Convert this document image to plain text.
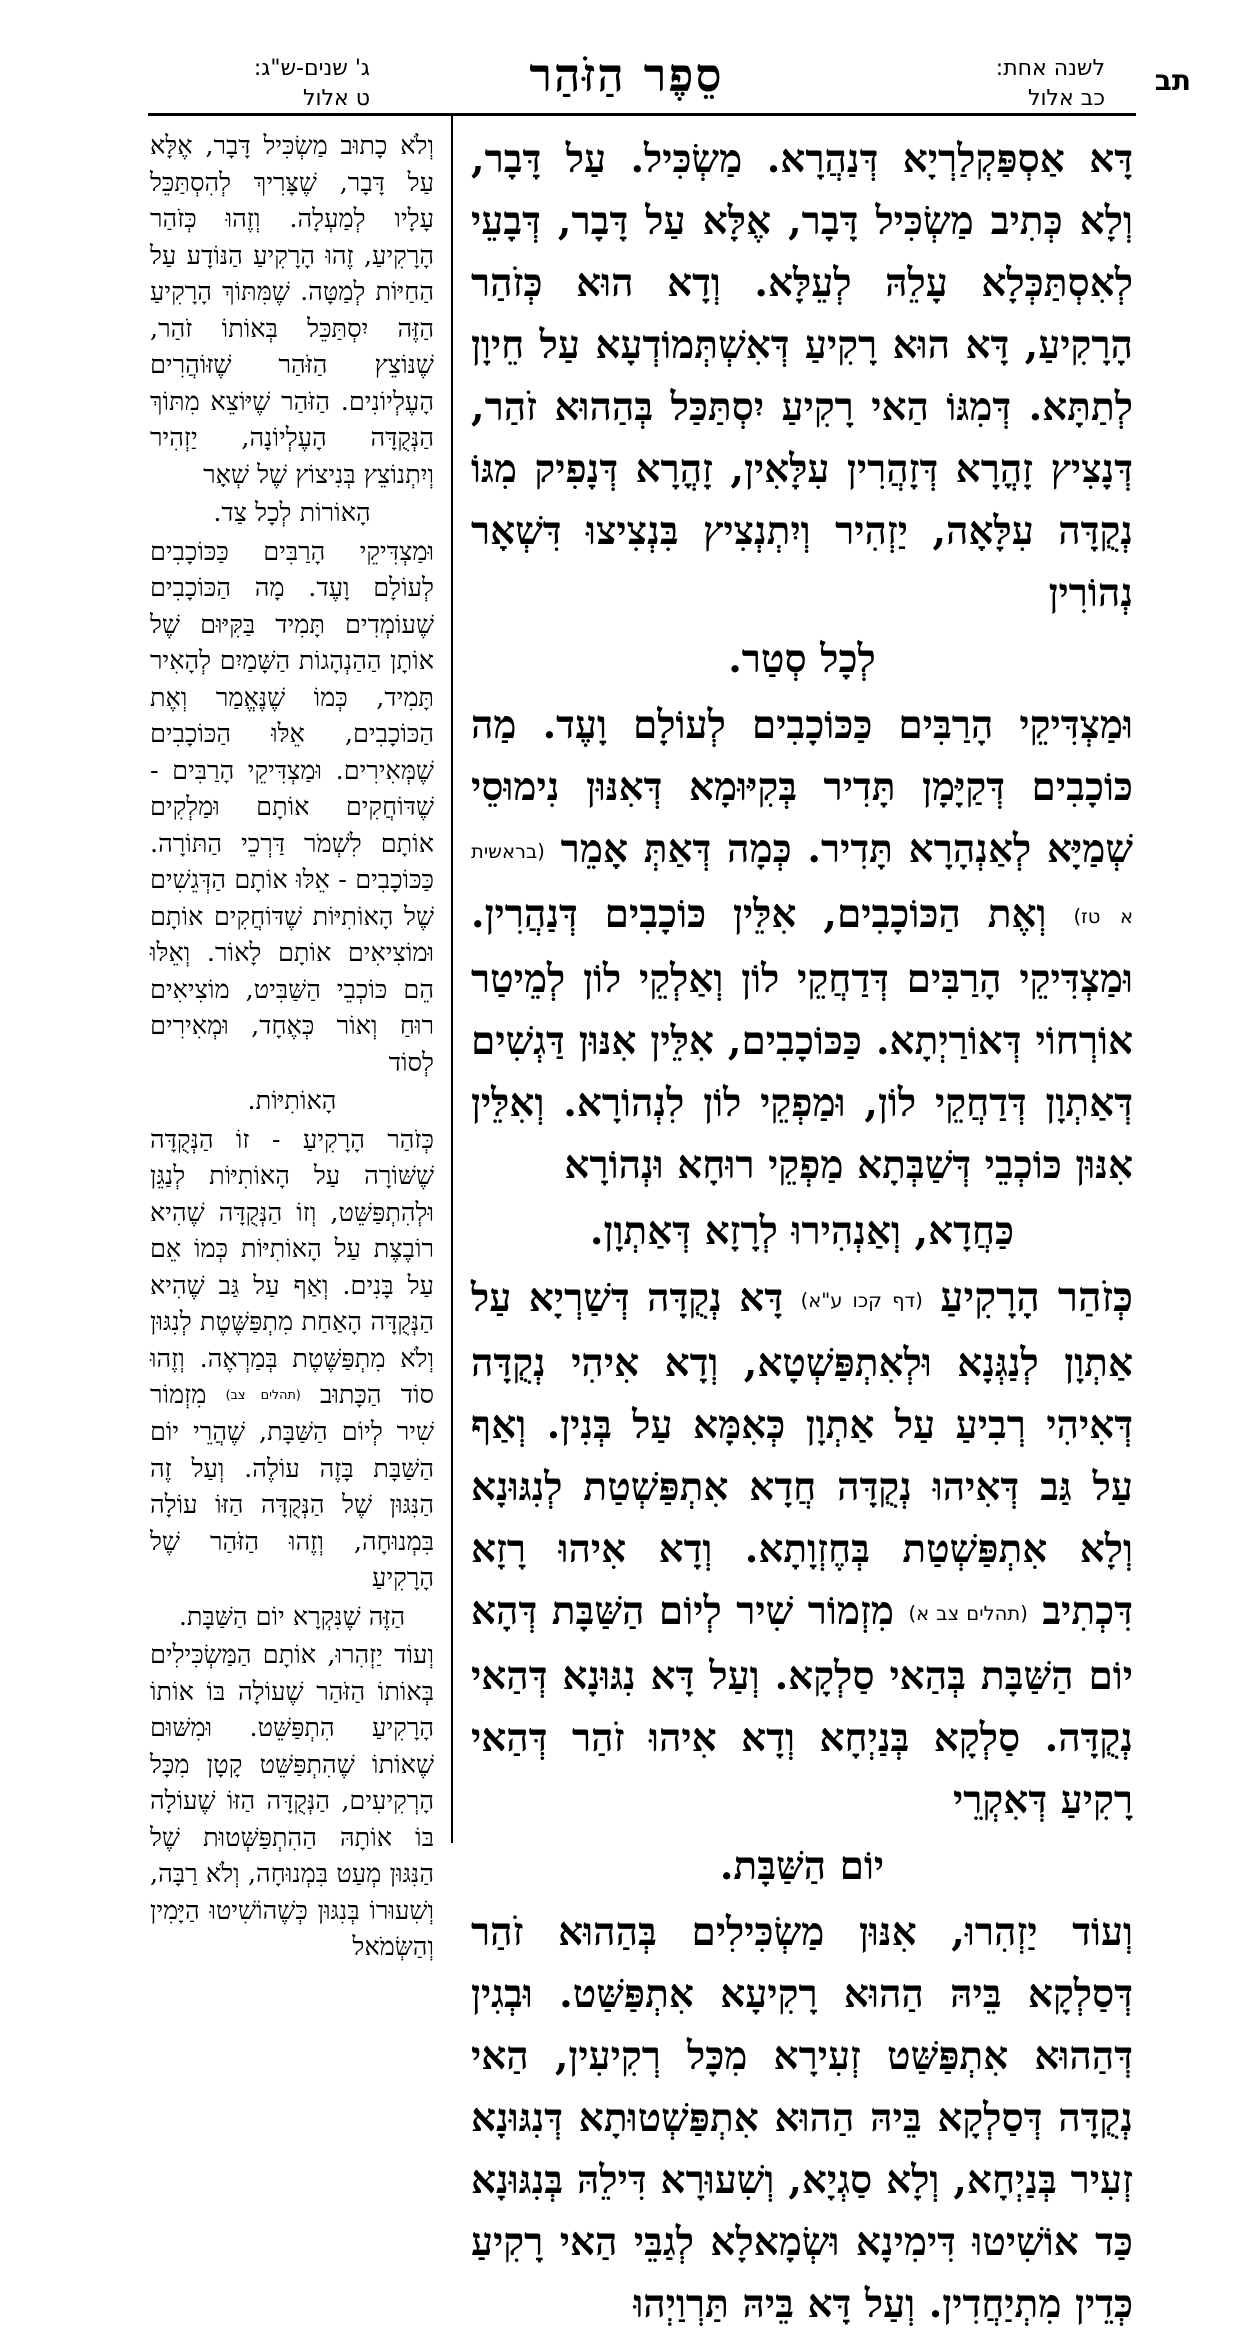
תב
לשנה אחת:
כב אלול
סֵפֶר הַזֹּהַר
ג' שנים-ש"ג:
ט אלול

דָּא אַסְפַּקְלַרְיָא דְּנַהֲרָא. מַשְׂכִּיל. עַל דָּבָר, וְלָא כְּתִיב מַשְׂכִּיל דָּבָר, אֶלָּא עַל דָּבָר, דְּבָעֵי לְאִסְתַּכְּלָא עָלֵהּ לְעֵלָּא. וְדָא הוּא כְּזֹהַר הָרָקִיעַ, דָּא הוּא רָקִיעַ דְּאִשְׁתְּמוֹדְעָא עַל חֵיוָן לְתַתָּא. דְּמִגּוֹ הַאי רָקִיעַ יִסְתַּכַּל בְּהַהוּא זֹהַר, דְּנָצִיץ זָהֳרָא דְּזָהֲרִין עִלָּאִין, זָהֳרָא דְּנָפִיק מִגּוֹ נְקֻדָּה עִלָּאָה, יַזְהִיר וְיִתְנְצִיץ בִּנְצִיצוּ דִּשְׁאָר נְהוֹרִין

לְכָל סְטַר.

וּמַצְדִּיקֵי הָרַבִּים כַּכּוֹכָבִים לְעוֹלָם וָעֶד. מַה כּוֹכָבִים דְּקַיָּמָן תָּדִיר בְּקִיּוּמָא דְּאִנּוּן נִימוּסֵי שְׁמַיָּא לְאַנְהָרָא תָּדִיר. כְּמָה דְּאַתְּ אָמֵר (בראשית א טז) וְאֶת הַכּוֹכָבִים, אִלֵּין כּוֹכָבִים דְּנַהֲרִין. וּמַצְדִּיקֵי הָרַבִּים דְּדַחֲקֵי לוֹן וְאַלְקֵי לוֹן לְמֵיטַר אוֹרְחוֹי דְּאוֹרַיְתָא. כַּכּוֹכָבִים, אִלֵּין אִנּוּן דַּגְשִׁים דְּאַתְוָן דְּדַחֲקֵי לוֹן, וּמַפְקֵי לוֹן לִנְהוֹרָא. וְאִלֵּין אִנּוּן כּוֹכְבֵי דְּשַׁבְּתָא מַפְקֵי רוּחָא וּנְהוֹרָא

כַּחֲדָא, וְאַנְהִירוּ לְרָזָא דְּאַתְוָן.

כְּזֹהַר הָרָקִיעַ (דף קכו ע"א) דָּא נְקֻדָּה דְּשַׁרְיָא עַל אַתְוָן לְנַגְּנָא וּלְאִתְפַּשְׁטָא, וְדָא אִיהִי נְקֻדָּה דְּאִיהִי רְבִיעַ עַל אַתְוָן כְּאִמָּא עַל בְּנִין. וְאַף עַל גַּב דְּאִיהוּ נְקֻדָּה חֲדָא אִתְפַּשְׁטַת לְנִגּוּנָא וְלָא אִתְפַּשְׁטַת בְּחֶזְוָתָא. וְדָא אִיהוּ רָזָא דִּכְתִיב (תהלים צב א) מִזְמוֹר שִׁיר לְיוֹם הַשַּׁבָּת דְּהָא יוֹם הַשַּׁבָּת בְּהַאי סַלְקָא. וְעַל דָּא נִגּוּנָא דְּהַאי נְקֻדָּה. סַלְקָא בְּנַיְחָא וְדָא אִיהוּ זֹהַר דְּהַאי רָקִיעַ דְּאִקְרֵי

יוֹם הַשַּׁבָּת.

וְעוֹד יַזְהִרוּ, אִנּוּן מַשְׂכִּילִים בְּהַהוּא זֹהַר דְּסַלְקָא בֵּיהּ הַהוּא רָקִיעָא אִתְפַּשַּׁט. וּבְגִין דְּהַהוּא אִתְפַּשַּׁט זְעִירָא מִכָּל רְקִיעִין, הַאי נְקֻדָּה דְּסַלְקָא בֵּיהּ הַהוּא אִתְפַּשְׁטוּתָא דְּנִגּוּנָא זְעִיר בְּנַיְחָא, וְלָא סַגְיָא, וְשִׁעוּרָא דִּילֵהּ בְּנִגּוּנָא כַּד אוֹשִׁיטוּ דִּימִינָא וּשְׂמָאלָא לְגַבֵּי הַאי רָקִיעַ כְּדֵין מִתְיַחֲדִין. וְעַל דָּא בֵּיהּ תַּרְוַיְהוּ

וְלֹא כָתוּב מַשְׂכִּיל דָּבָר, אֶלָּא עַל דָּבָר, שֶׁצָּרִיךְ לְהִסְתַּכֵּל עָלָיו לְמַעְלָה. וְזֶהוּ כְּזֹהַר הָרָקִיעַ, זֶהוּ הָרָקִיעַ הַנּוֹדָע עַל הַחַיּוֹת לְמַטָּה. שֶׁמִּתּוֹךְ הָרָקִיעַ הַזֶּה יִסְתַּכֵּל בְּאוֹתוֹ זֹהַר, שֶׁנּוֹצֵץ הַזֹּהַר שֶׁזּוֹהֲרִים הָעֶלְיוֹנִים. הַזֹּהַר שֶׁיּוֹצֵא מִתּוֹךְ הַנְּקֻדָּה הָעֶלְיוֹנָה, יַזְהִיר וְיִתְנוֹצֵץ בְּנִיצוֹץ שֶׁל שְׁאָר

הָאוֹרוֹת לְכָל צַד.

וּמַצְדִּיקֵי הָרַבִּים כַּכּוֹכָבִים לְעוֹלָם וָעֶד. מָה הַכּוֹכָבִים שֶׁעוֹמְדִים תָּמִיד בַּקִּיּוּם שֶׁל אוֹתָן הַהַנְהָגוֹת הַשָּׁמַיִם לְהָאִיר תָּמִיד, כְּמוֹ שֶׁנֶּאֱמַר וְאֶת הַכּוֹכָבִים, אֵלּוּ הַכּוֹכָבִים שֶׁמְּאִירִים. וּמַצְדִּיקֵי הָרַבִּים - שֶׁדּוֹחֲקִים אוֹתָם וּמַלְקִים אוֹתָם לִשְׁמֹר דַּרְכֵי הַתּוֹרָה. כַּכּוֹכָבִים - אֵלּוּ אוֹתָם הַדְּגֵשִׁים שֶׁל הָאוֹתִיּוֹת שֶׁדּוֹחֲקִים אוֹתָם וּמוֹצִיאִים אוֹתָם לָאוֹר. וְאֵלּוּ הֵם כּוֹכְבֵי הַשַּׁבִּיט, מוֹצִיאִים רוּחַ וְאוֹר כְּאֶחָד, וּמְאִירִים לְסוֹד

הָאוֹתִיּוֹת.

כְּזֹהַר הָרָקִיעַ - זוֹ הַנְּקֻדָּה שֶׁשּׁוֹרָה עַל הָאוֹתִיּוֹת לְנַגֵּן וּלְהִתְפַּשֵּׁט, וְזוֹ הַנְּקֻדָּה שֶׁהִיא רוֹבֶצֶת עַל הָאוֹתִיּוֹת כְּמוֹ אֵם עַל בָּנִים. וְאַף עַל גַּב שֶׁהִיא הַנְּקֻדָּה הָאַחַת מִתְפַּשֶּׁטֶת לְנִגּוּן וְלֹא מִתְפַּשֶּׁטֶת בְּמַרְאֶה. וְזֶהוּ סוֹד הַכָּתוּב (תהלים צב) מִזְמוֹר שִׁיר לְיוֹם הַשַּׁבָּת, שֶׁהֲרֵי יוֹם הַשַּׁבָּת בָּזֶה עוֹלֶה. וְעַל זֶה הַנִּגּוּן שֶׁל הַנְּקֻדָּה הַזּוֹ עוֹלָה בִּמְנוּחָה, וְזֶהוּ הַזֹּהַר שֶׁל הָרָקִיעַ

הַזֶּה שֶׁנִּקְרָא יוֹם הַשַּׁבָּת.

וְעוֹד יַזְהִרוּ, אוֹתָם הַמַּשְׂכִּילִים בְּאוֹתוֹ הַזֹּהַר שֶׁעוֹלָה בּוֹ אוֹתוֹ הָרָקִיעַ הִתְפַּשֵּׁט. וּמִשּׁוּם שֶׁאוֹתוֹ שֶׁהִתְפַּשֵּׁט קָטָן מִכָּל הָרְקִיעִים, הַנְּקֻדָּה הַזּוֹ שֶׁעוֹלָה בּוֹ אוֹתָהּ הַהִתְפַּשְּׁטוּת שֶׁל הַנִּגּוּן מְעַט בִּמְנוּחָה, וְלֹא רַבָּה, וְשִׁעוּרוֹ בְּנִגּוּן כְּשֶׁהוֹשִׁיטוּ הַיָּמִין וְהַשְּׂמֹאל
